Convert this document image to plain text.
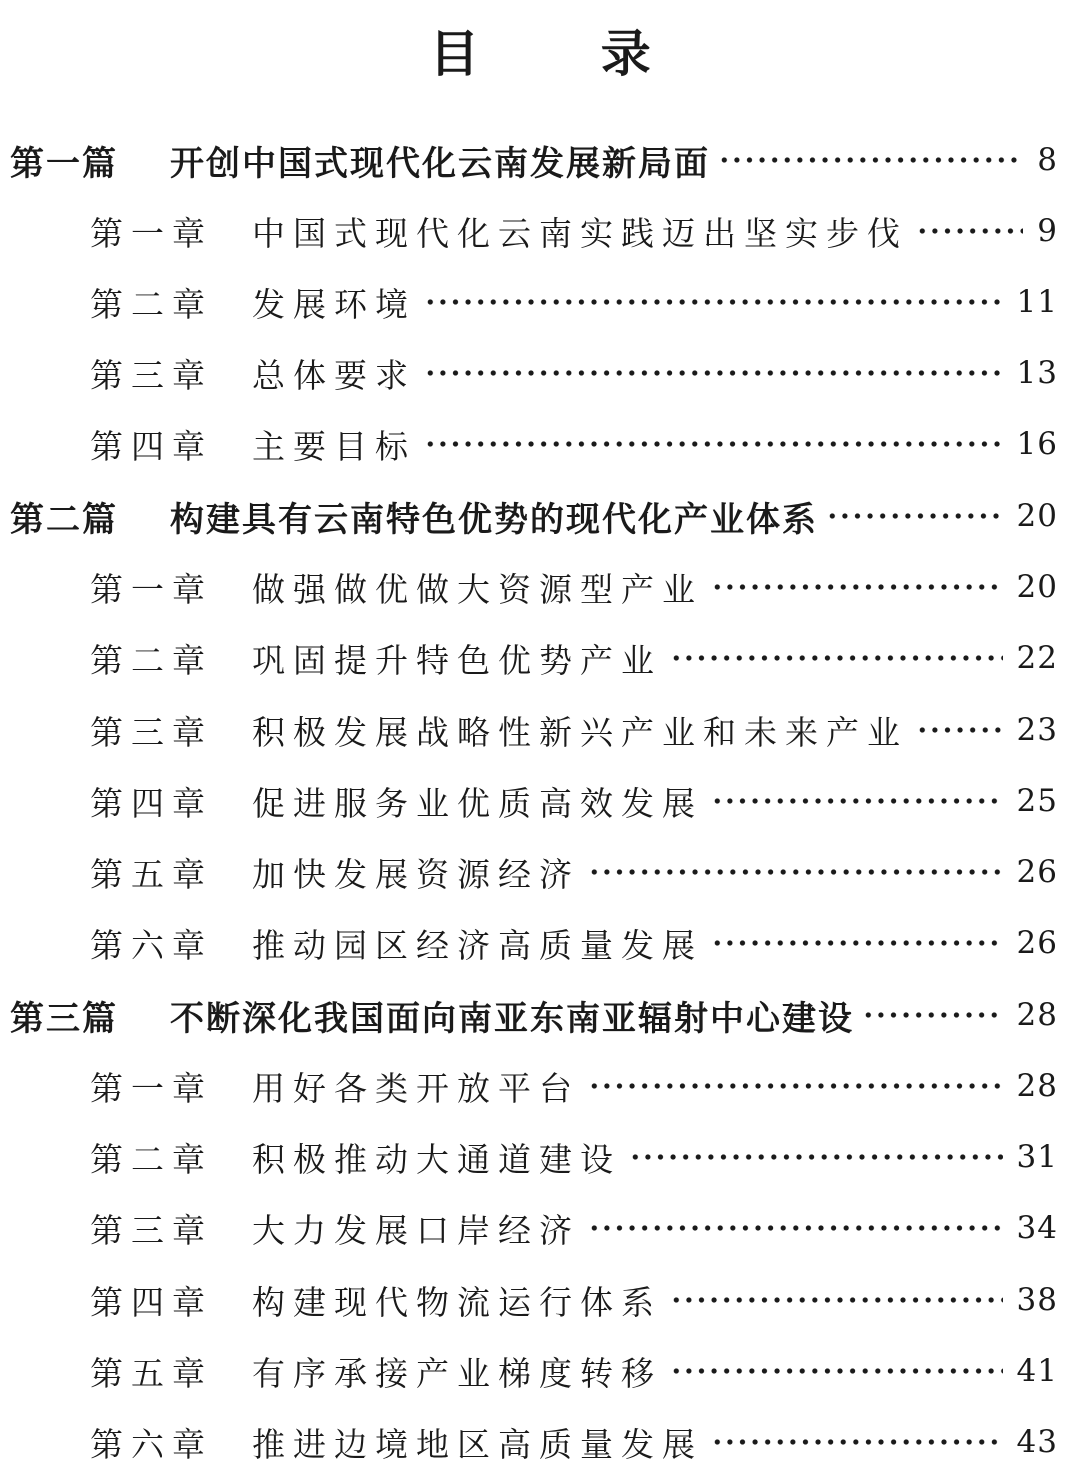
目 录
第一篇	开创中国式现代化云南发展新局面	8
第一章	中国式现代化云南实践迈出坚实步伐	9
第二章	发展环境	11
第三章	总体要求	13
第四章	主要目标	16
第二篇	构建具有云南特色优势的现代化产业体系	20
第一章	做强做优做大资源型产业	20
第二章	巩固提升特色优势产业	22
第三章	积极发展战略性新兴产业和未来产业	23
第四章	促进服务业优质高效发展	25
第五章	加快发展资源经济	26
第六章	推动园区经济高质量发展	26
第三篇	不断深化我国面向南亚东南亚辐射中心建设	28
第一章	用好各类开放平台	28
第二章	积极推动大通道建设	31
第三章	大力发展口岸经济	34
第四章	构建现代物流运行体系	38
第五章	有序承接产业梯度转移	41
第六章	推进边境地区高质量发展	43
